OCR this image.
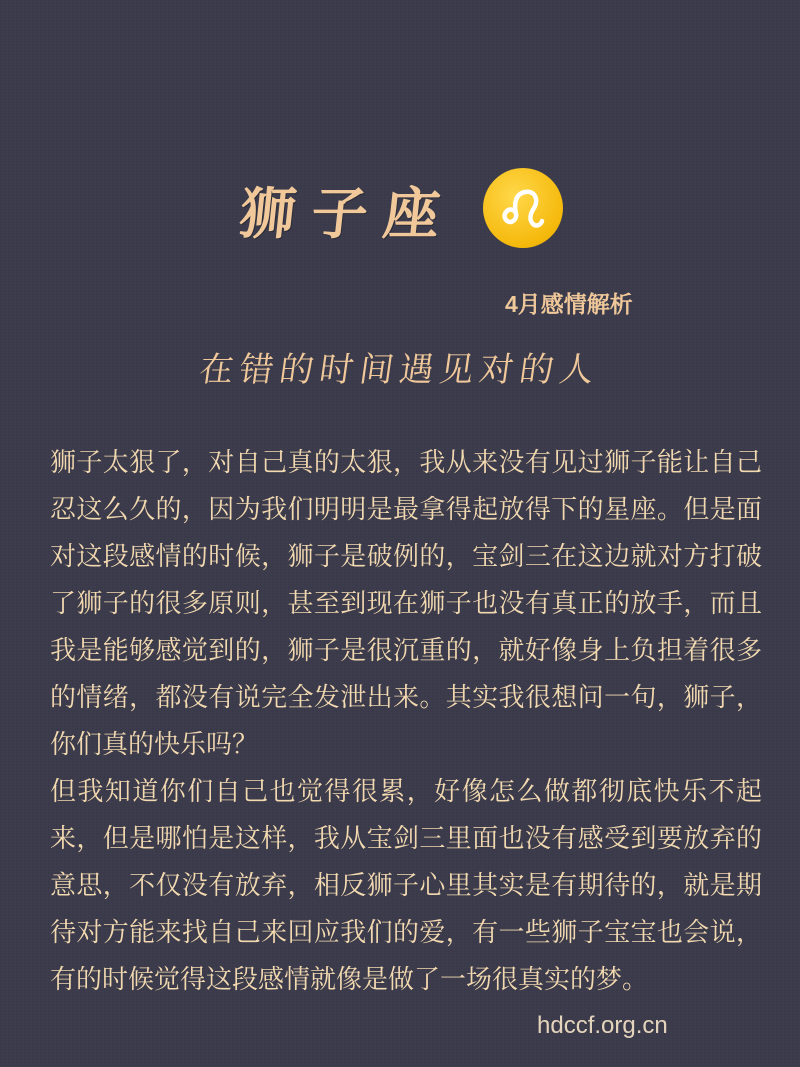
狮子座
4月感情解析
在错的时间遇见对的人

狮子太狠了，对自己真的太狠，我从来没有见过狮子能让自己忍这么久的，因为我们明明是最拿得起放得下的星座。但是面对这段感情的时候，狮子是破例的，宝剑三在这边就对方打破了狮子的很多原则，甚至到现在狮子也没有真正的放手，而且我是能够感觉到的，狮子是很沉重的，就好像身上负担着很多的情绪，都没有说完全发泄出来。其实我很想问一句，狮子，你们真的快乐吗？

但我知道你们自己也觉得很累，好像怎么做都彻底快乐不起来，但是哪怕是这样，我从宝剑三里面也没有感受到要放弃的意思，不仅没有放弃，相反狮子心里其实是有期待的，就是期待对方能来找自己来回应我们的爱，有一些狮子宝宝也会说，有的时候觉得这段感情就像是做了一场很真实的梦。

hdccf.org.cn
